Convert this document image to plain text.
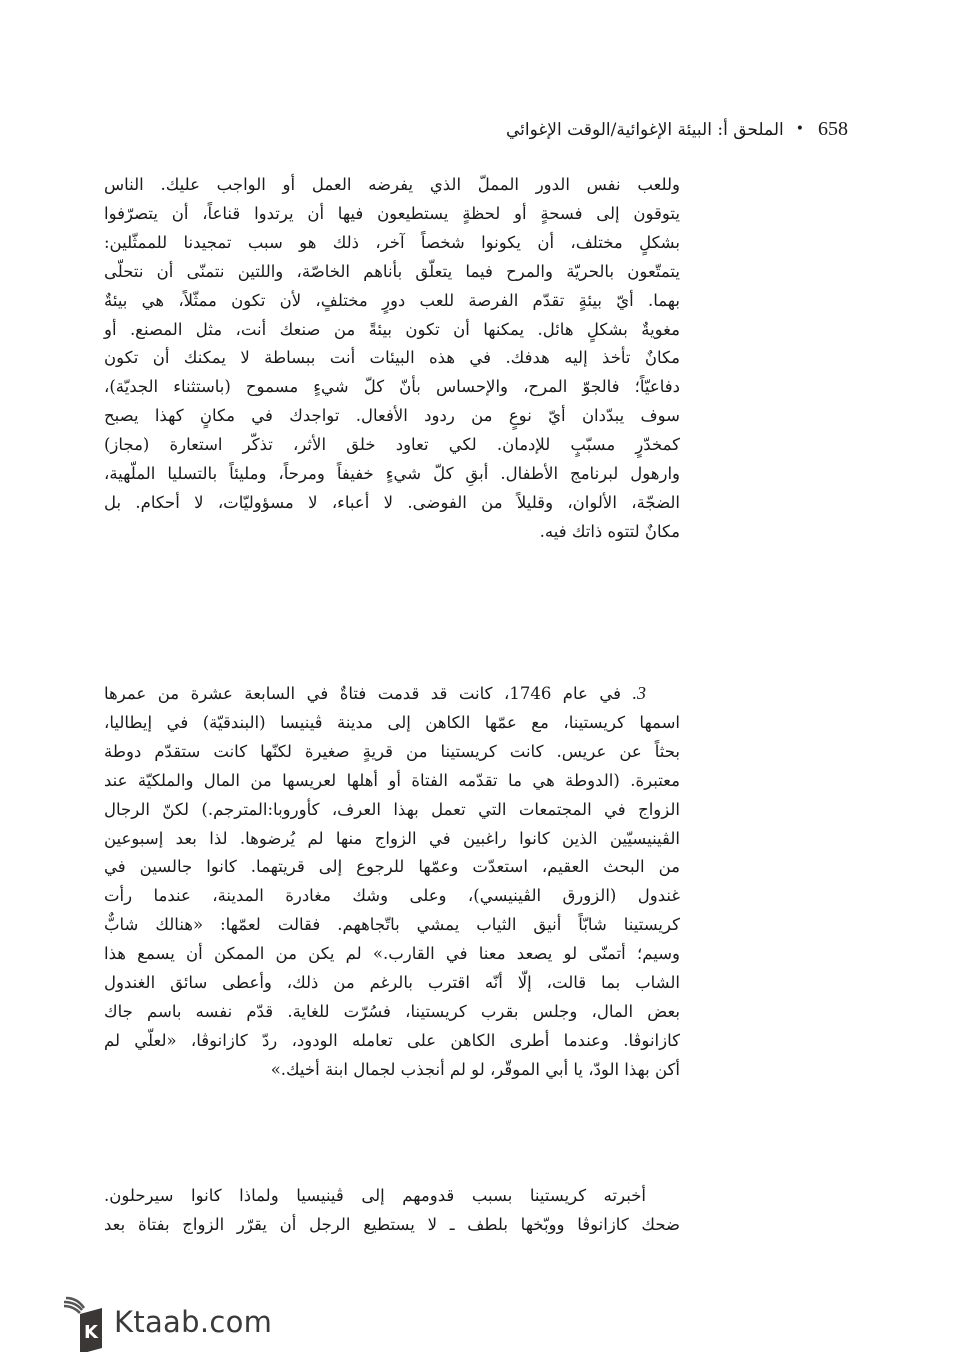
658•الملحق أ: البيئة الإغوائية/الوقت الإغوائي
وللعب نفس الدور المملّ الذي يفرضه العمل أو الواجب عليك. الناس
يتوقون إلى فسحةٍ أو لحظةٍ يستطيعون فيها أن يرتدوا قناعاً، أن يتصرّفوا
بشكلٍ مختلف، أن يكونوا شخصاً آخر، ذلك هو سبب تمجيدنا للممثّلين:
يتمتّعون بالحريّة والمرح فيما يتعلّق بأناهم الخاصّة، واللتين نتمنّى أن نتحلّى
بهما. أيّ بيئةٍ تقدّم الفرصة للعب دورٍ مختلفٍ، لأن تكون ممثّلاً، هي بيئةٌ
مغويةٌ بشكلٍ هائل. يمكنها أن تكون بيئةً من صنعك أنت، مثل المصنع. أو
مكانٌ تأخذ إليه هدفك. في هذه البيئات أنت ببساطة لا يمكنك أن تكون
دفاعيّاً؛ فالجوّ المرح، والإحساس بأنّ كلّ شيءٍ مسموح (باستثناء الجديّة)،
سوف يبدّدان أيّ نوعٍ من ردود الأفعال. تواجدك في مكانٍ كهذا يصبح
كمخدّرٍ مسبّبٍ للإدمان. لكي تعاود خلق الأثر، تذكّر استعارة (مجاز)
وارهول لبرنامج الأطفال. أبقِ كلّ شيءٍ خفيفاً ومرحاً، ومليئاً بالتسليا الملّهية،
الضجّة، الألوان، وقليلاً من الفوضى. لا أعباء، لا مسؤوليّات، لا أحكام. بل
مكانٌ لتتوه ذاتك فيه.
3. في عام 1746، كانت قد قدمت فتاةٌ في السابعة عشرة من عمرها
اسمها كريستينا، مع عمّها الكاهن إلى مدينة ڤينيسا (البندقيّة) في إيطاليا،
بحثاً عن عريس. كانت كريستينا من قريةٍ صغيرة لكنّها كانت ستقدّم دوطة
معتبرة. (الدوطة هي ما تقدّمه الفتاة أو أهلها لعريسها من المال والملكيّة عند
الزواج في المجتمعات التي تعمل بهذا العرف، كأوروبا:المترجم.) لكنّ الرجال
الڤينيسيّين الذين كانوا راغبين في الزواج منها لم يُرضوها. لذا بعد إسبوعين
من البحث العقيم، استعدّت وعمّها للرجوع إلى قريتهما. كانوا جالسين في
غندول (الزورق الڤينيسي)، وعلى وشك مغادرة المدينة، عندما رأت
كريستينا شابّاً أنيق الثياب يمشي باتّجاههم. فقالت لعمّها: «هنالك شابٌّ
وسيم؛ أتمنّى لو يصعد معنا في القارب.» لم يكن من الممكن أن يسمع هذا
الشاب بما قالت، إلّا أنّه اقترب بالرغم من ذلك، وأعطى سائق الغندول
بعض المال، وجلس بقرب كريستينا، فسُرّت للغاية. قدّم نفسه باسم جاك
كازانوڤا. وعندما أطرى الكاهن على تعامله الودود، ردّ كازانوڤا، «لعلّي لم
أكن بهذا الودّ، يا أبي الموقّر، لو لم أنجذب لجمال ابنة أخيك.»
أخبرته كريستينا بسبب قدومهم إلى ڤينيسيا ولماذا كانوا سيرحلون.
ضحك كازانوڤا ووبّخها بلطف ـ لا يستطيع الرجل أن يقرّر الزواج بفتاة بعد
K Ktaab.com
